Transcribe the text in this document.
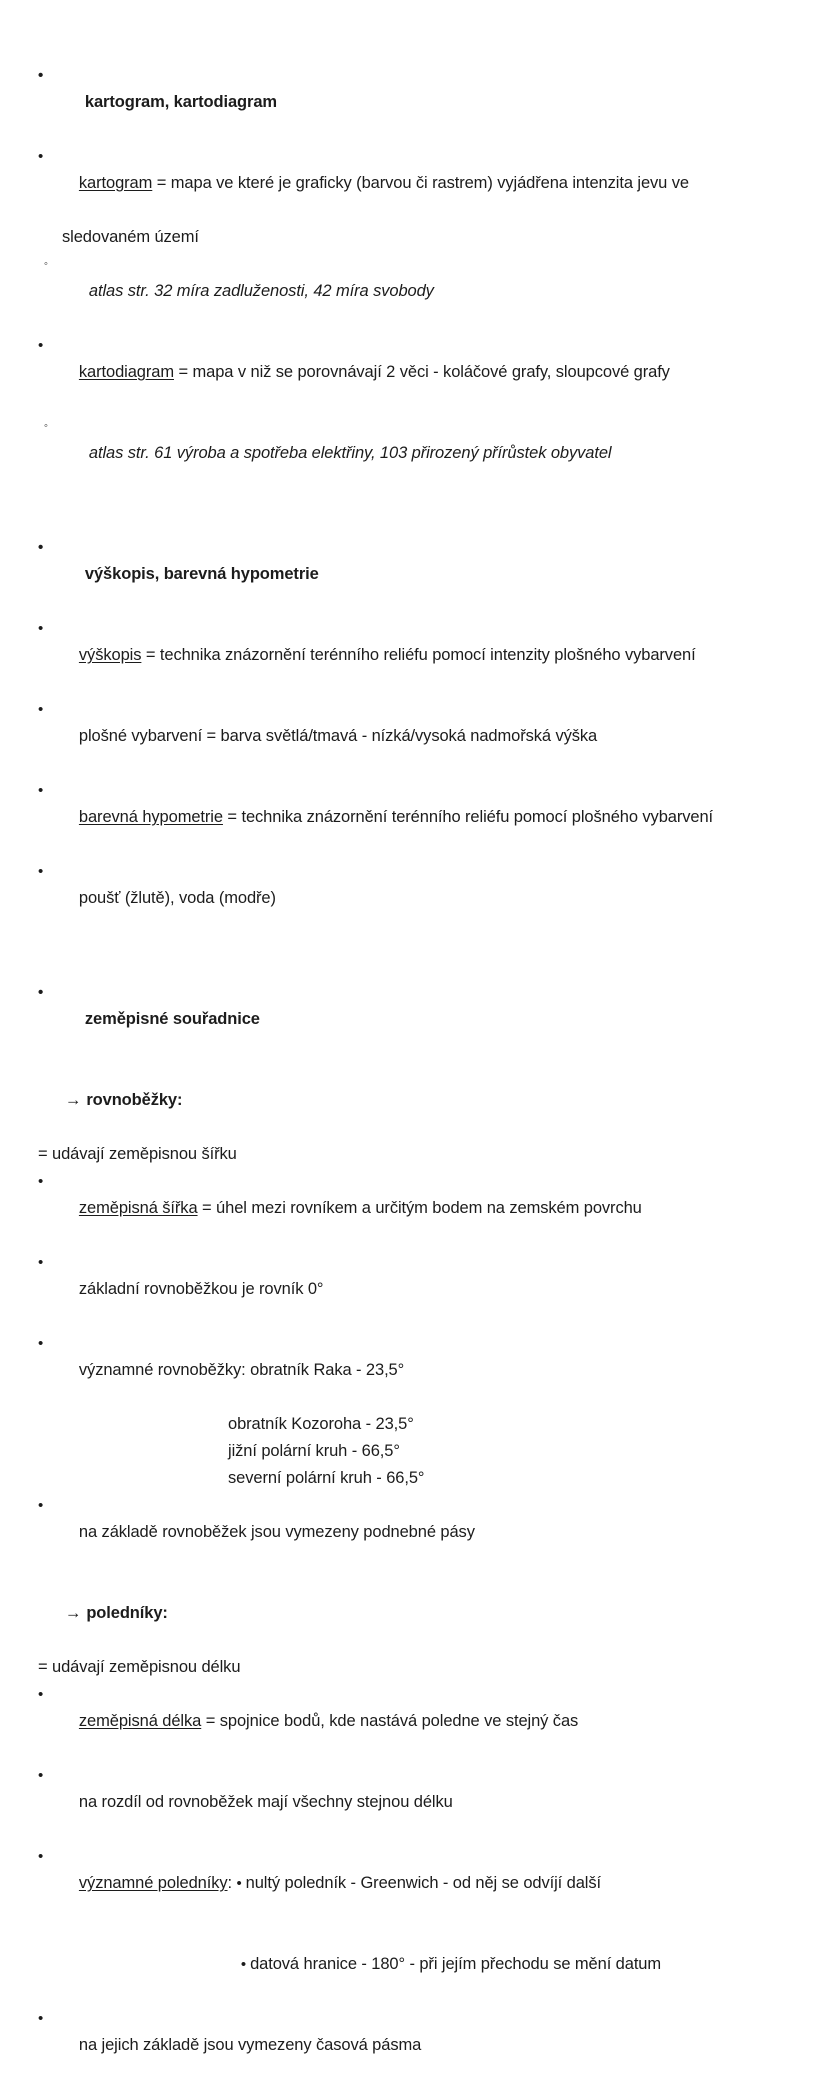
•
kartogram, kartodiagram

•
kartogram = mapa ve které je graficky (barvou či rastrem) vyjádřena intenzita jevu ve

sledovaném území

◦
atlas str. 32 míra zadluženosti, 42 míra svobody

•
kartodiagram = mapa v niž se porovnávají 2 věci - koláčové grafy, sloupcové grafy

◦
atlas str. 61 výroba a spotřeba elektřiny, 103 přirozený přírůstek obyvatel

•
výškopis, barevná hypometrie

•
výškopis = technika znázornění terénního reliéfu pomocí intenzity plošného vybarvení

•
plošné vybarvení = barva světlá/tmavá - nízká/vysoká nadmořská výška

•
barevná hypometrie = technika znázornění terénního reliéfu pomocí plošného vybarvení

•
poušť (žlutě), voda (modře)

•
zeměpisné souřadnice

→ rovnoběžky:

= udávají zeměpisnou šířku

•
zeměpisná šířka = úhel mezi rovníkem a určitým bodem na zemském povrchu

•
základní rovnoběžkou je rovník 0°

•
významné rovnoběžky: obratník Raka - 23,5°

obratník Kozoroha - 23,5°
jižní polární kruh - 66,5°
severní polární kruh - 66,5°

•
na základě rovnoběžek jsou vymezeny podnebné pásy

→ poledníky:

= udávají zeměpisnou délku

•
zeměpisná délka = spojnice bodů, kde nastává poledne ve stejný čas

•
na rozdíl od rovnoběžek mají všechny stejnou délku

•
významné poledníky: • nultý poledník - Greenwich - od něj se odvíjí další

• datová hranice - 180° - při jejím přechodu se mění datum

•
na jejich základě jsou vymezeny časová pásma
